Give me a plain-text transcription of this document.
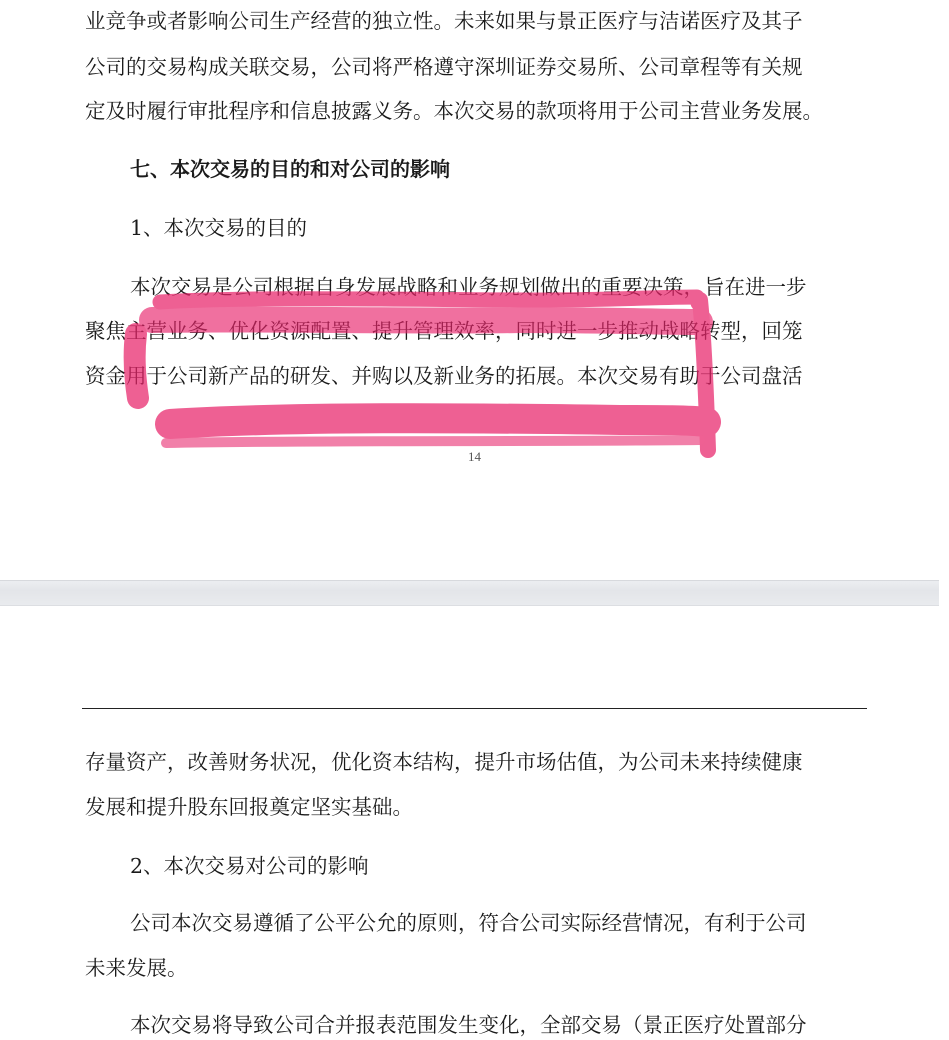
业竞争或者影响公司生产经营的独立性。未来如果与景正医疗与洁诺医疗及其子
公司的交易构成关联交易，公司将严格遵守深圳证券交易所、公司章程等有关规
定及时履行审批程序和信息披露义务。本次交易的款项将用于公司主营业务发展。
七、本次交易的目的和对公司的影响
1、本次交易的目的
本次交易是公司根据自身发展战略和业务规划做出的重要决策，旨在进一步
聚焦主营业务、优化资源配置、提升管理效率，同时进一步推动战略转型，回笼
资金用于公司新产品的研发、并购以及新业务的拓展。本次交易有助于公司盘活
14
存量资产，改善财务状况，优化资本结构，提升市场估值，为公司未来持续健康
发展和提升股东回报奠定坚实基础。
2、本次交易对公司的影响
公司本次交易遵循了公平公允的原则，符合公司实际经营情况，有利于公司
未来发展。
本次交易将导致公司合并报表范围发生变化，全部交易（景正医疗处置部分
